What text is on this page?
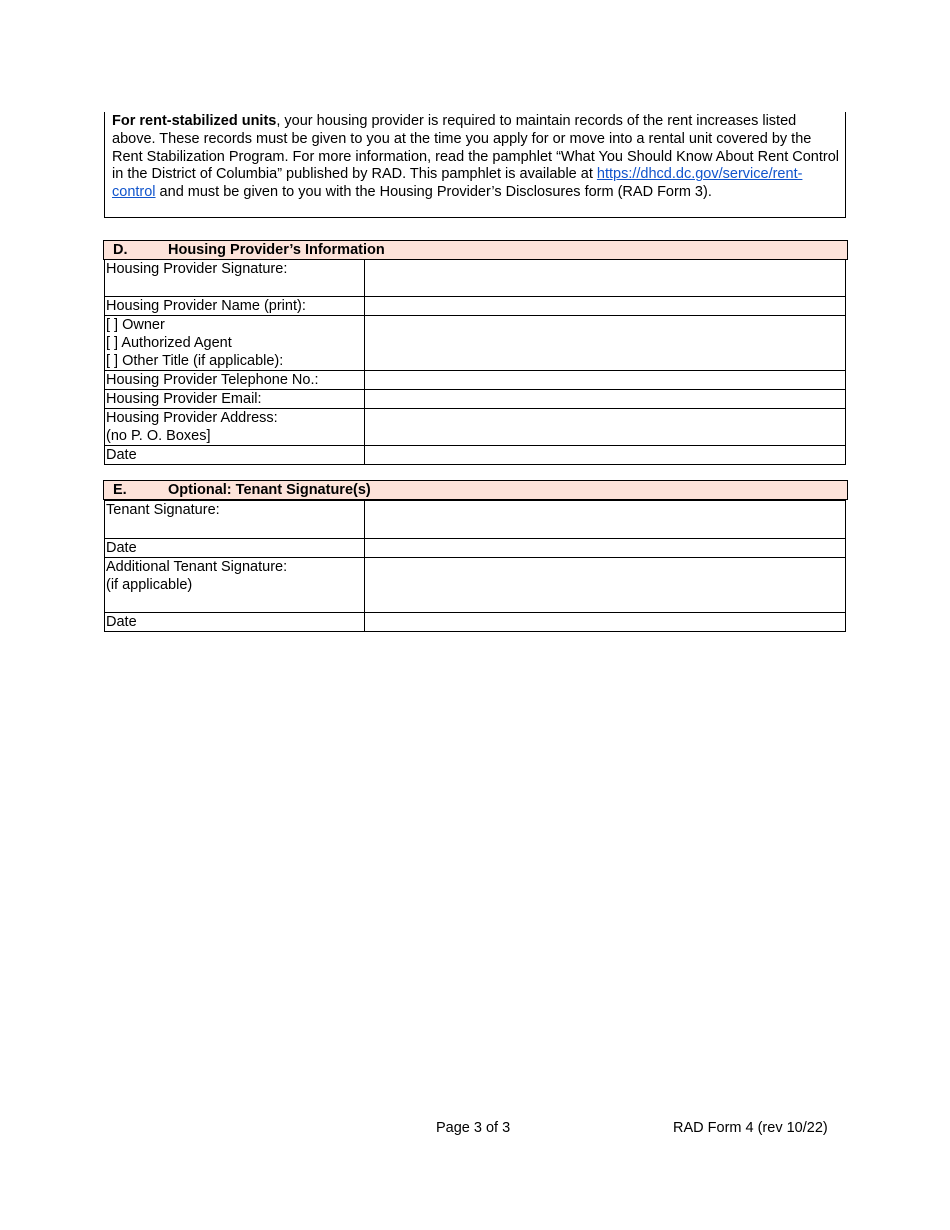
For rent-stabilized units, your housing provider is required to maintain records of the rent increases listed above. These records must be given to you at the time you apply for or move into a rental unit covered by the Rent Stabilization Program. For more information, read the pamphlet “What You Should Know About Rent Control in the District of Columbia” published by RAD. This pamphlet is available at https://dhcd.dc.gov/service/rent-control and must be given to you with the Housing Provider’s Disclosures form (RAD Form 3).
D.	Housing Provider’s Information
Housing Provider Signature:	
Housing Provider Name (print):	

[ ] Owner
[ ] Authorized Agent
[ ] Other Title (if applicable):	

Housing Provider Telephone No.:	
Housing Provider Email:	

Housing Provider Address:
(no P. O. Boxes]	

Date	
E.	Optional: Tenant Signature(s)
Tenant Signature:	
Date	

Additional Tenant Signature:
(if applicable)	

Date	
Page 3 of 3	RAD Form 4 (rev 10/22)
